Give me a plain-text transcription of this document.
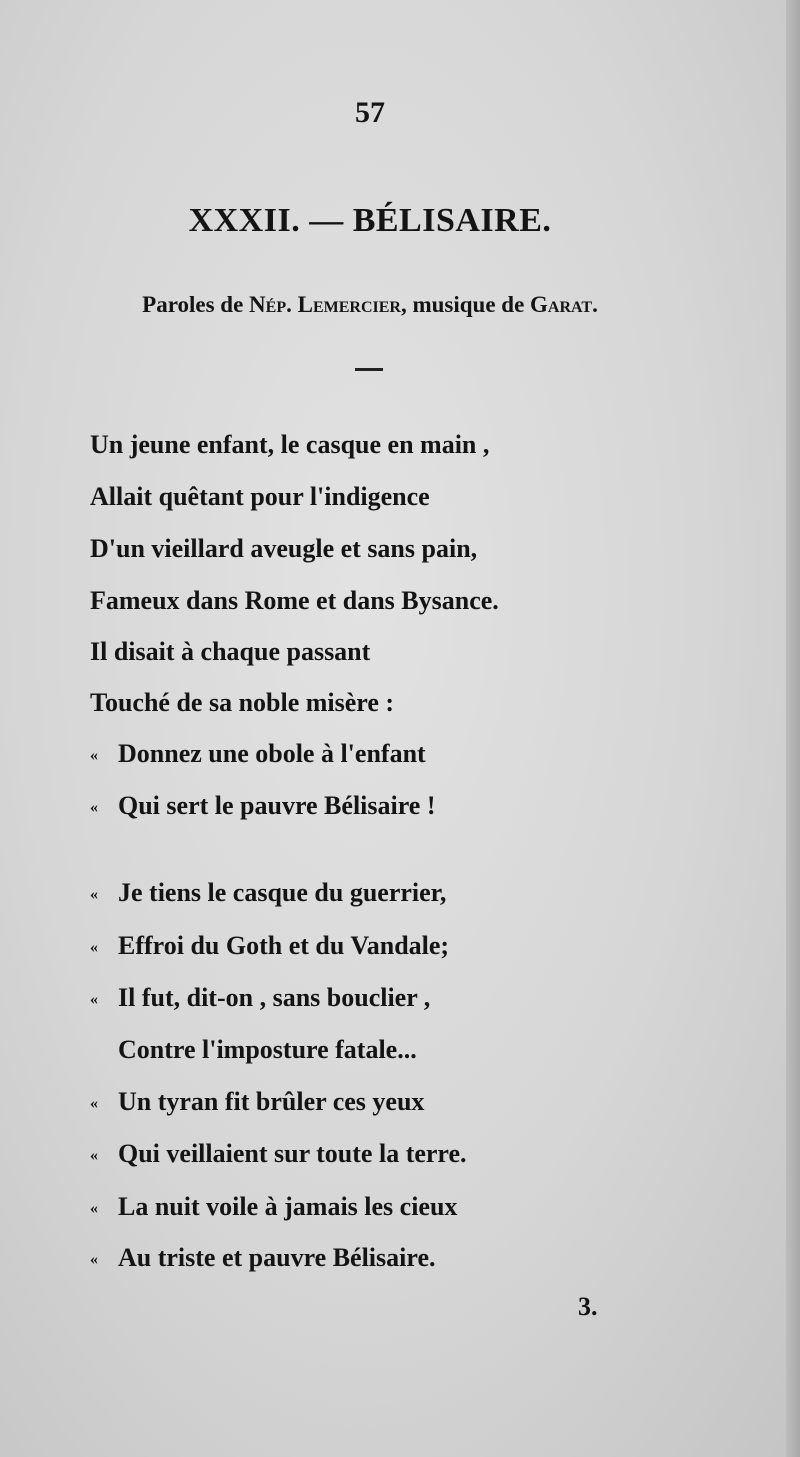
57
XXXII. — BÉLISAIRE.
Paroles de Nép. Lemercier, musique de Garat.
Un jeune enfant, le casque en main ,
Allait quêtant pour l'indigence
D'un vieillard aveugle et sans pain,
Fameux dans Rome et dans Bysance.
Il disait à chaque passant
Touché de sa noble misère :
« Donnez une obole à l'enfant
« Qui sert le pauvre Bélisaire !
« Je tiens le casque du guerrier,
« Effroi du Goth et du Vandale;
« Il fut, dit-on , sans bouclier ,
Contre l'imposture fatale...
« Un tyran fit brûler ces yeux
« Qui veillaient sur toute la terre.
« La nuit voile à jamais les cieux
« Au triste et pauvre Bélisaire.
3.
